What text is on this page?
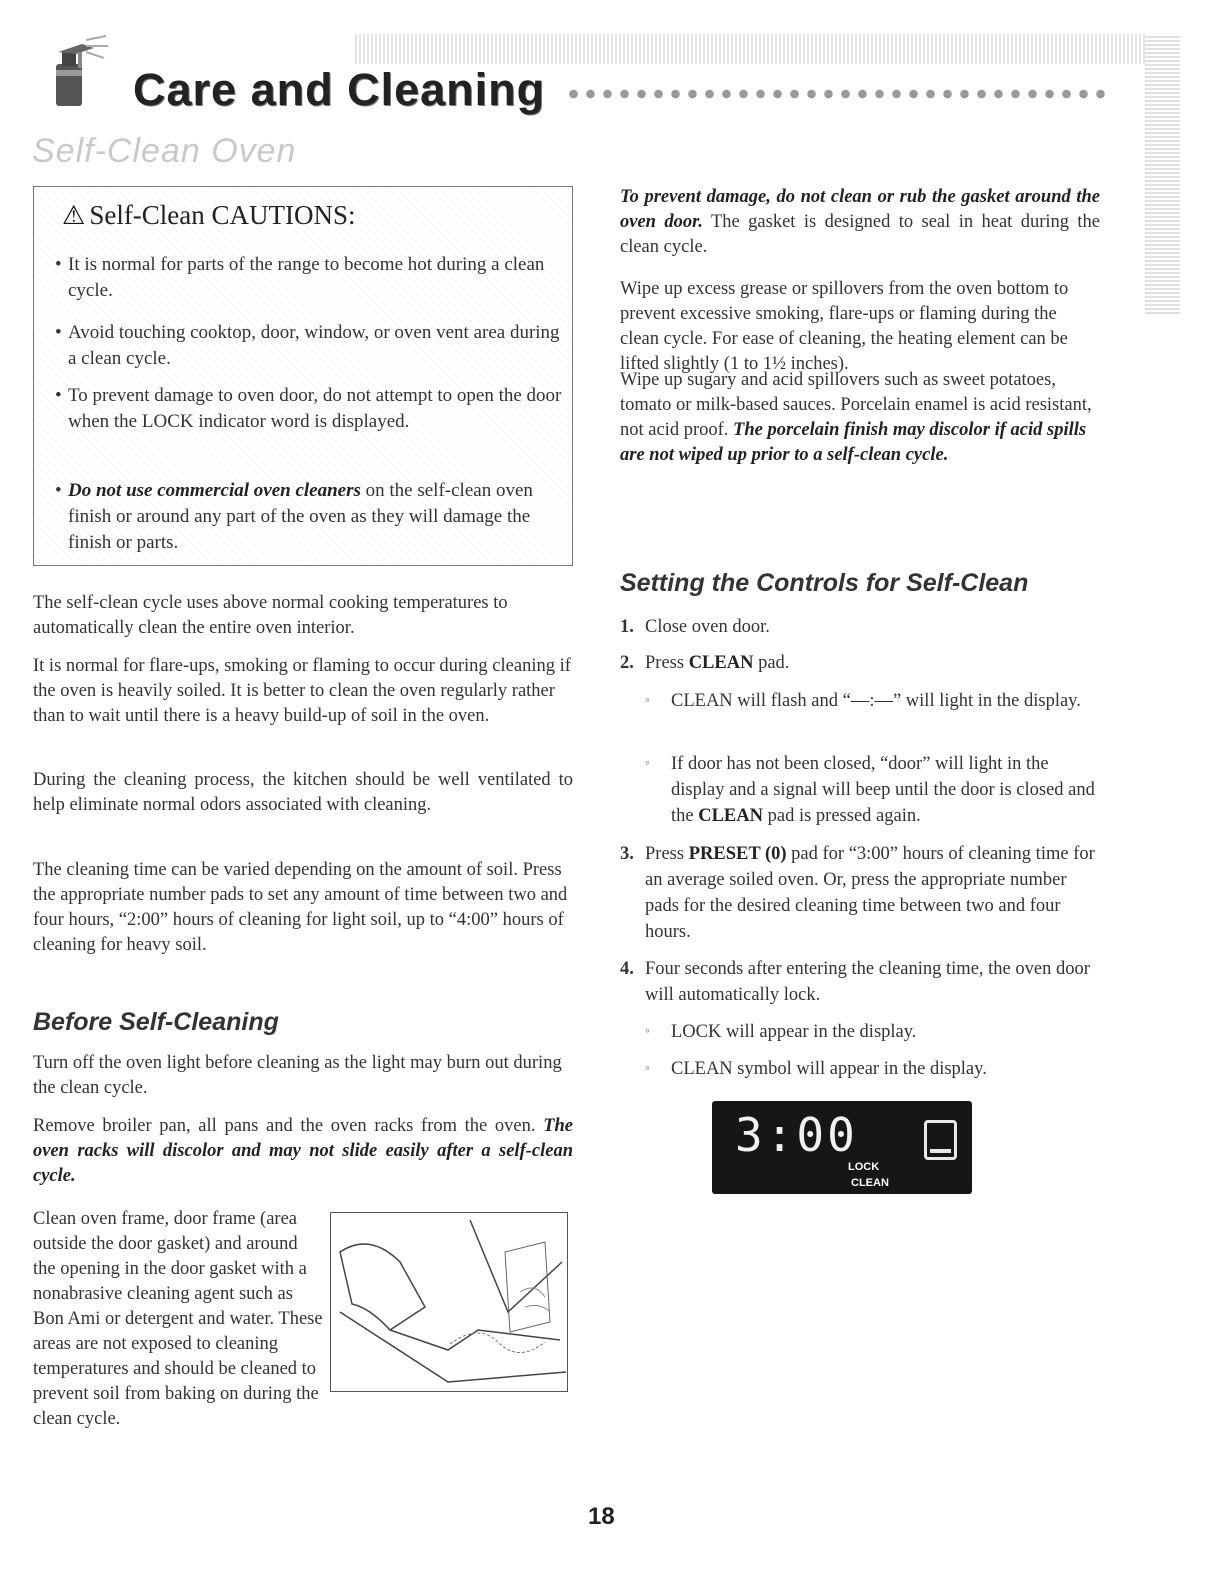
Care and Cleaning
Self-Clean Oven
⚠ Self-Clean CAUTIONS:
• It is normal for parts of the range to become hot during a clean cycle.
• Avoid touching cooktop, door, window, or oven vent area during a clean cycle.
• To prevent damage to oven door, do not attempt to open the door when the LOCK indicator word is displayed.
• Do not use commercial oven cleaners on the self-clean oven finish or around any part of the oven as they will damage the finish or parts.
The self-clean cycle uses above normal cooking temperatures to automatically clean the entire oven interior.
It is normal for flare-ups, smoking or flaming to occur during cleaning if the oven is heavily soiled. It is better to clean the oven regularly rather than to wait until there is a heavy build-up of soil in the oven.
During the cleaning process, the kitchen should be well ventilated to help eliminate normal odors associated with cleaning.
The cleaning time can be varied depending on the amount of soil. Press the appropriate number pads to set any amount of time between two and four hours, “2:00” hours of cleaning for light soil, up to “4:00” hours of cleaning for heavy soil.
Before Self-Cleaning
Turn off the oven light before cleaning as the light may burn out during the clean cycle.
Remove broiler pan, all pans and the oven racks from the oven. The oven racks will discolor and may not slide easily after a self-clean cycle.
Clean oven frame, door frame (area outside the door gasket) and around the opening in the door gasket with a nonabrasive cleaning agent such as Bon Ami or detergent and water. These areas are not exposed to cleaning temperatures and should be cleaned to prevent soil from baking on during the clean cycle.
To prevent damage, do not clean or rub the gasket around the oven door. The gasket is designed to seal in heat during the clean cycle.
Wipe up excess grease or spillovers from the oven bottom to prevent excessive smoking, flare-ups or flaming during the clean cycle. For ease of cleaning, the heating element can be lifted slightly (1 to 1½ inches).
Wipe up sugary and acid spillovers such as sweet potatoes, tomato or milk-based sauces. Porcelain enamel is acid resistant, not acid proof. The porcelain finish may discolor if acid spills are not wiped up prior to a self-clean cycle.
Setting the Controls for Self-Clean
1. Close oven door.
2. Press CLEAN pad.
◦ CLEAN will flash and “—:—” will light in the display.
◦ If door has not been closed, “door” will light in the display and a signal will beep until the door is closed and the CLEAN pad is pressed again.
3. Press PRESET (0) pad for “3:00” hours of cleaning time for an average soiled oven. Or, press the appropriate number pads for the desired cleaning time between two and four hours.
4. Four seconds after entering the cleaning time, the oven door will automatically lock.
◦ LOCK will appear in the display.
◦ CLEAN symbol will appear in the display.
3:00
LOCK
CLEAN
18
